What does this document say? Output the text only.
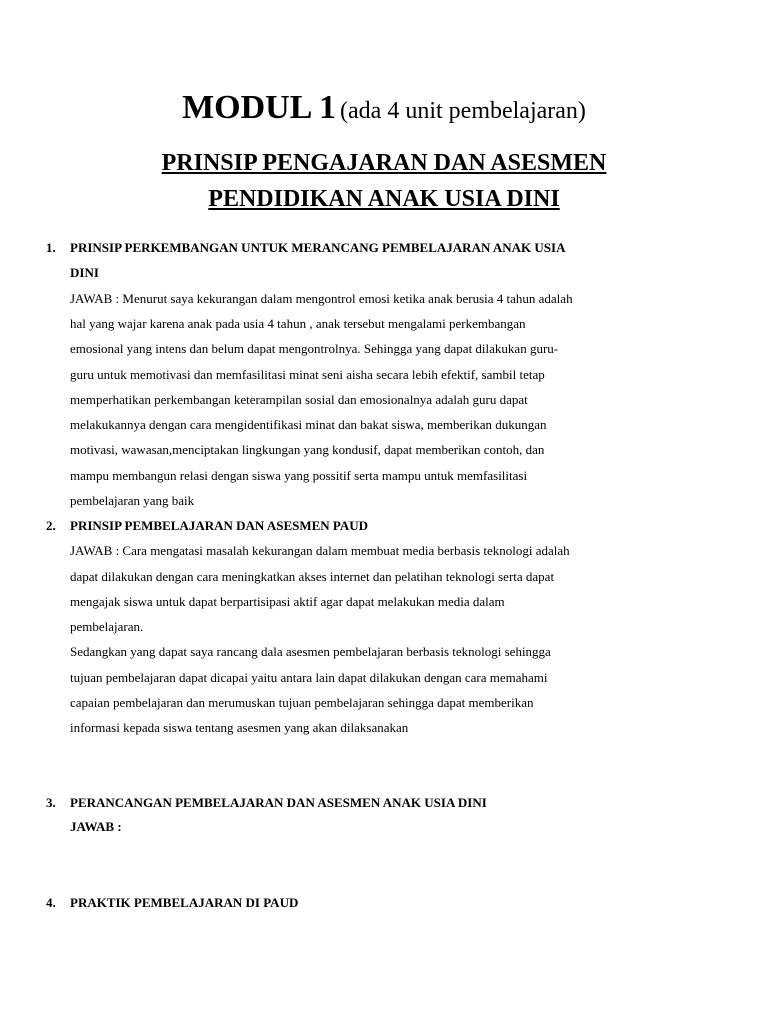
MODUL 1 (ada 4 unit pembelajaran)
PRINSIP PENGAJARAN DAN ASESMEN
PENDIDIKAN ANAK USIA DINI
1.	PRINSIP PERKEMBANGAN UNTUK MERANCANG PEMBELAJARAN ANAK USIA
DINI
JAWAB : Menurut saya kekurangan dalam mengontrol emosi ketika anak berusia 4 tahun adalah
hal yang wajar karena anak pada usia 4 tahun , anak tersebut mengalami perkembangan
emosional yang intens dan belum dapat mengontrolnya. Sehingga yang dapat dilakukan guru-
guru untuk memotivasi dan memfasilitasi minat seni aisha secara lebih efektif, sambil tetap
memperhatikan perkembangan keterampilan sosial dan emosionalnya adalah guru dapat
melakukannya dengan cara mengidentifikasi minat dan bakat siswa, memberikan dukungan
motivasi, wawasan,menciptakan lingkungan yang kondusif, dapat memberikan contoh, dan
mampu membangun relasi dengan siswa yang possitif serta mampu untuk memfasilitasi
pembelajaran yang baik
2.	PRINSIP PEMBELAJARAN DAN ASESMEN PAUD
JAWAB : Cara mengatasi masalah kekurangan dalam membuat media berbasis teknologi adalah
dapat dilakukan dengan cara meningkatkan akses internet dan pelatihan teknologi serta dapat
mengajak siswa untuk dapat berpartisipasi aktif agar dapat melakukan media dalam
pembelajaran.
Sedangkan yang dapat saya rancang dala asesmen pembelajaran berbasis teknologi sehingga
tujuan pembelajaran dapat dicapai yaitu antara lain dapat dilakukan dengan cara memahami
capaian pembelajaran dan merumuskan tujuan pembelajaran sehingga dapat memberikan
informasi kepada siswa tentang asesmen yang akan dilaksanakan
3.	PERANCANGAN PEMBELAJARAN DAN ASESMEN ANAK USIA DINI
JAWAB :
4.	PRAKTIK PEMBELAJARAN DI PAUD
